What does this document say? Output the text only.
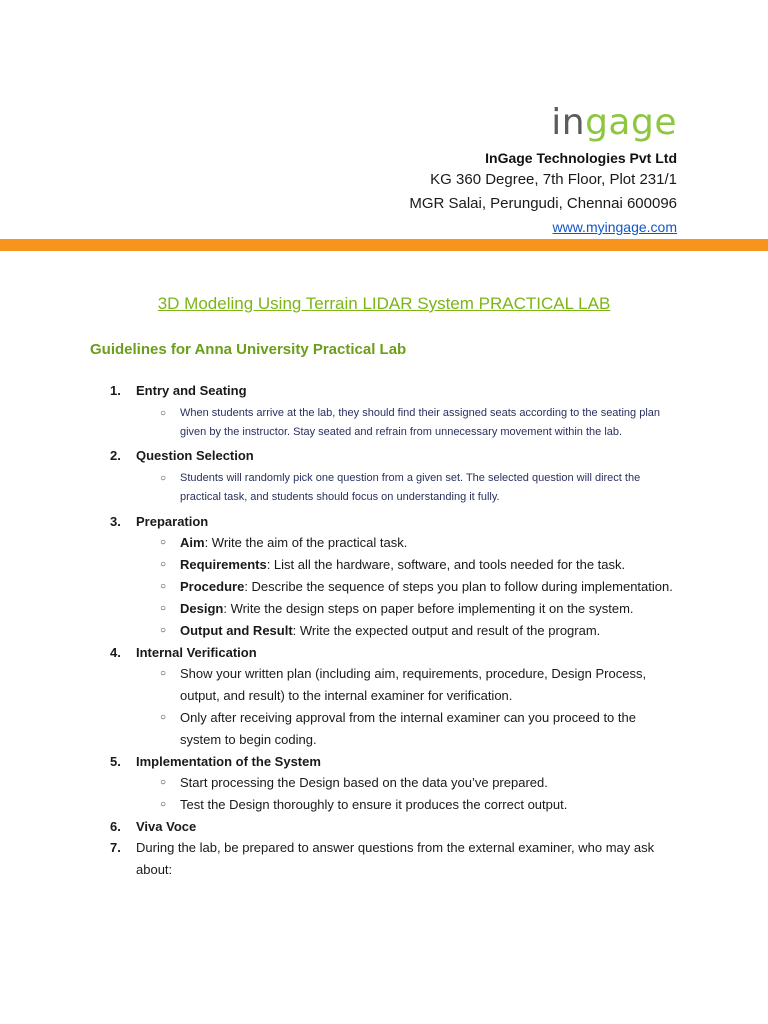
ingage
InGage Technologies Pvt Ltd
KG 360 Degree, 7th Floor, Plot 231/1
MGR Salai, Perungudi, Chennai 600096
www.myingage.com
3D Modeling Using Terrain LIDAR System PRACTICAL LAB
Guidelines for Anna University Practical Lab
1. Entry and Seating
○ When students arrive at the lab, they should find their assigned seats according to the seating plan given by the instructor. Stay seated and refrain from unnecessary movement within the lab.
2. Question Selection
○ Students will randomly pick one question from a given set. The selected question will direct the practical task, and students should focus on understanding it fully.
3. Preparation
○ Aim: Write the aim of the practical task.
○ Requirements: List all the hardware, software, and tools needed for the task.
○ Procedure: Describe the sequence of steps you plan to follow during implementation.
○ Design: Write the design steps on paper before implementing it on the system.
○ Output and Result: Write the expected output and result of the program.
4. Internal Verification
○ Show your written plan (including aim, requirements, procedure, Design Process, output, and result) to the internal examiner for verification.
○ Only after receiving approval from the internal examiner can you proceed to the system to begin coding.
5. Implementation of the System
○ Start processing the Design based on the data you’ve prepared.
○ Test the Design thoroughly to ensure it produces the correct output.
6. Viva Voce
7. During the lab, be prepared to answer questions from the external examiner, who may ask about:
